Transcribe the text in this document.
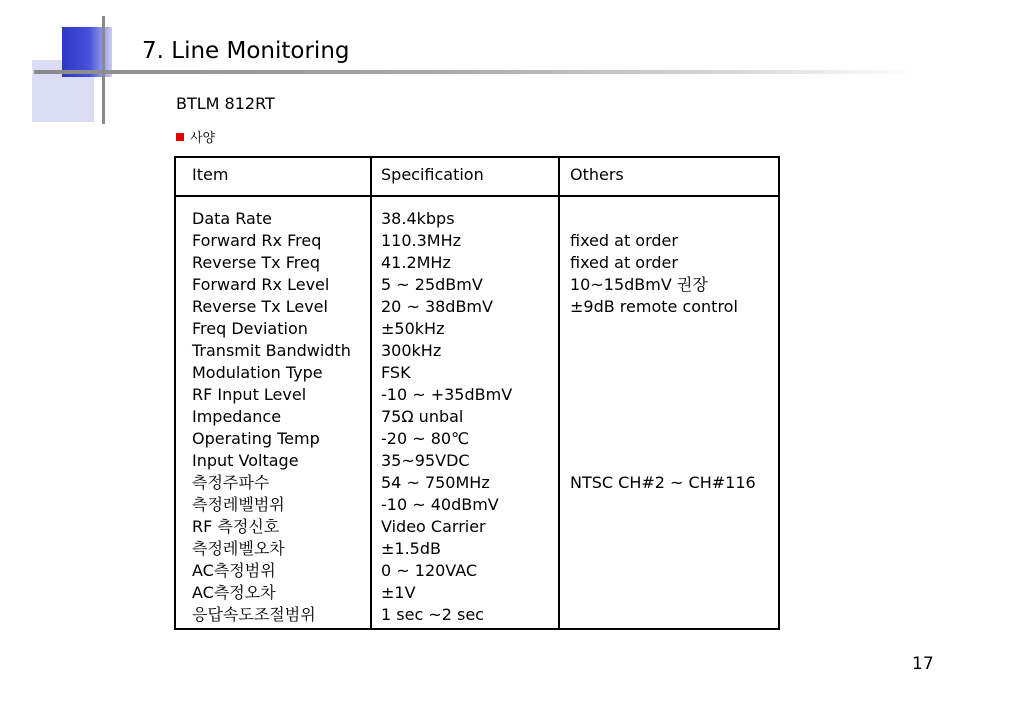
7. Line Monitoring
BTLM 812RT
사양
Item	Specification	Others
Data Rate
Forward Rx Freq
Reverse Tx Freq
Forward Rx Level
Reverse Tx Level
Freq Deviation
Transmit Bandwidth
Modulation Type
RF Input Level
Impedance
Operating Temp
Input Voltage
측정주파수
측정레벨범위
RF 측정신호
측정레벨오차
AC측정범위
AC측정오차
응답속도조절범위
38.4kbps
110.3MHz
41.2MHz
5 ~ 25dBmV
20 ~ 38dBmV
±50kHz
300kHz
FSK
-10 ~ +35dBmV
75Ω unbal
-20 ~ 80℃
35~95VDC
54 ~ 750MHz
-10 ~ 40dBmV
Video Carrier
±1.5dB
0 ~ 120VAC
±1V
1 sec ~2 sec
fixed at order
fixed at order
10~15dBmV 권장
±9dB remote control
NTSC CH#2 ~ CH#116
17
